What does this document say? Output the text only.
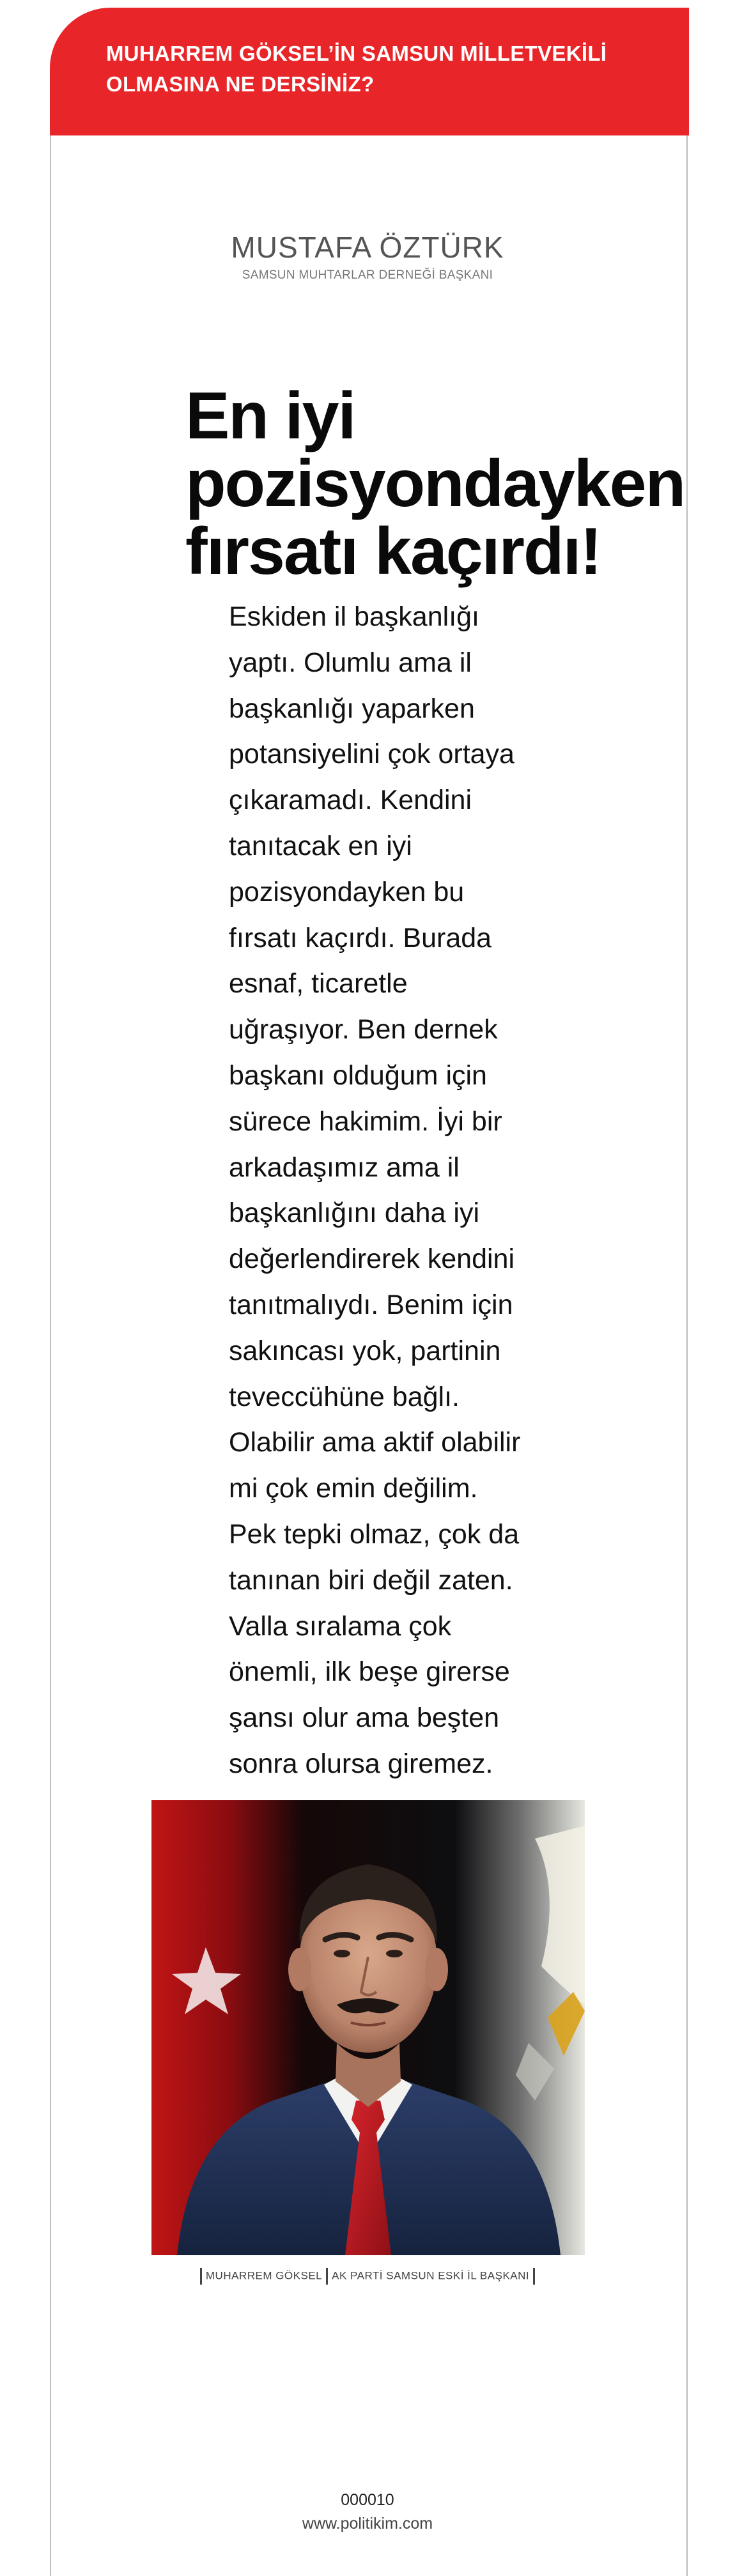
MUHARREM GÖKSEL’İN SAMSUN MİLLETVEKİLİ OLMASINA NE DERSİNİZ?
MUSTAFA ÖZTÜRK
SAMSUN MUHTARLAR DERNEĞİ BAŞKANI
En iyi
pozisyondayken
fırsatı kaçırdı!
Eskiden il başkanlığı
yaptı. Olumlu ama il
başkanlığı yaparken
potansiyelini çok ortaya
çıkaramadı. Kendini
tanıtacak en iyi
pozisyondayken bu
fırsatı kaçırdı. Burada
esnaf, ticaretle
uğraşıyor. Ben dernek
başkanı olduğum için
sürece hakimim. İyi bir
arkadaşımız ama il
başkanlığını daha iyi
değerlendirerek kendini
tanıtmalıydı. Benim için
sakıncası yok, partinin
teveccühüne bağlı.
Olabilir ama aktif olabilir
mi çok emin değilim.
Pek tepki olmaz, çok da
tanınan biri değil zaten.
Valla sıralama çok
önemli, ilk beşe girerse
şansı olur ama beşten
sonra olursa giremez.
MUHARREM GÖKSEL AK PARTİ SAMSUN ESKİ İL BAŞKANI
000010
www.politikim.com
